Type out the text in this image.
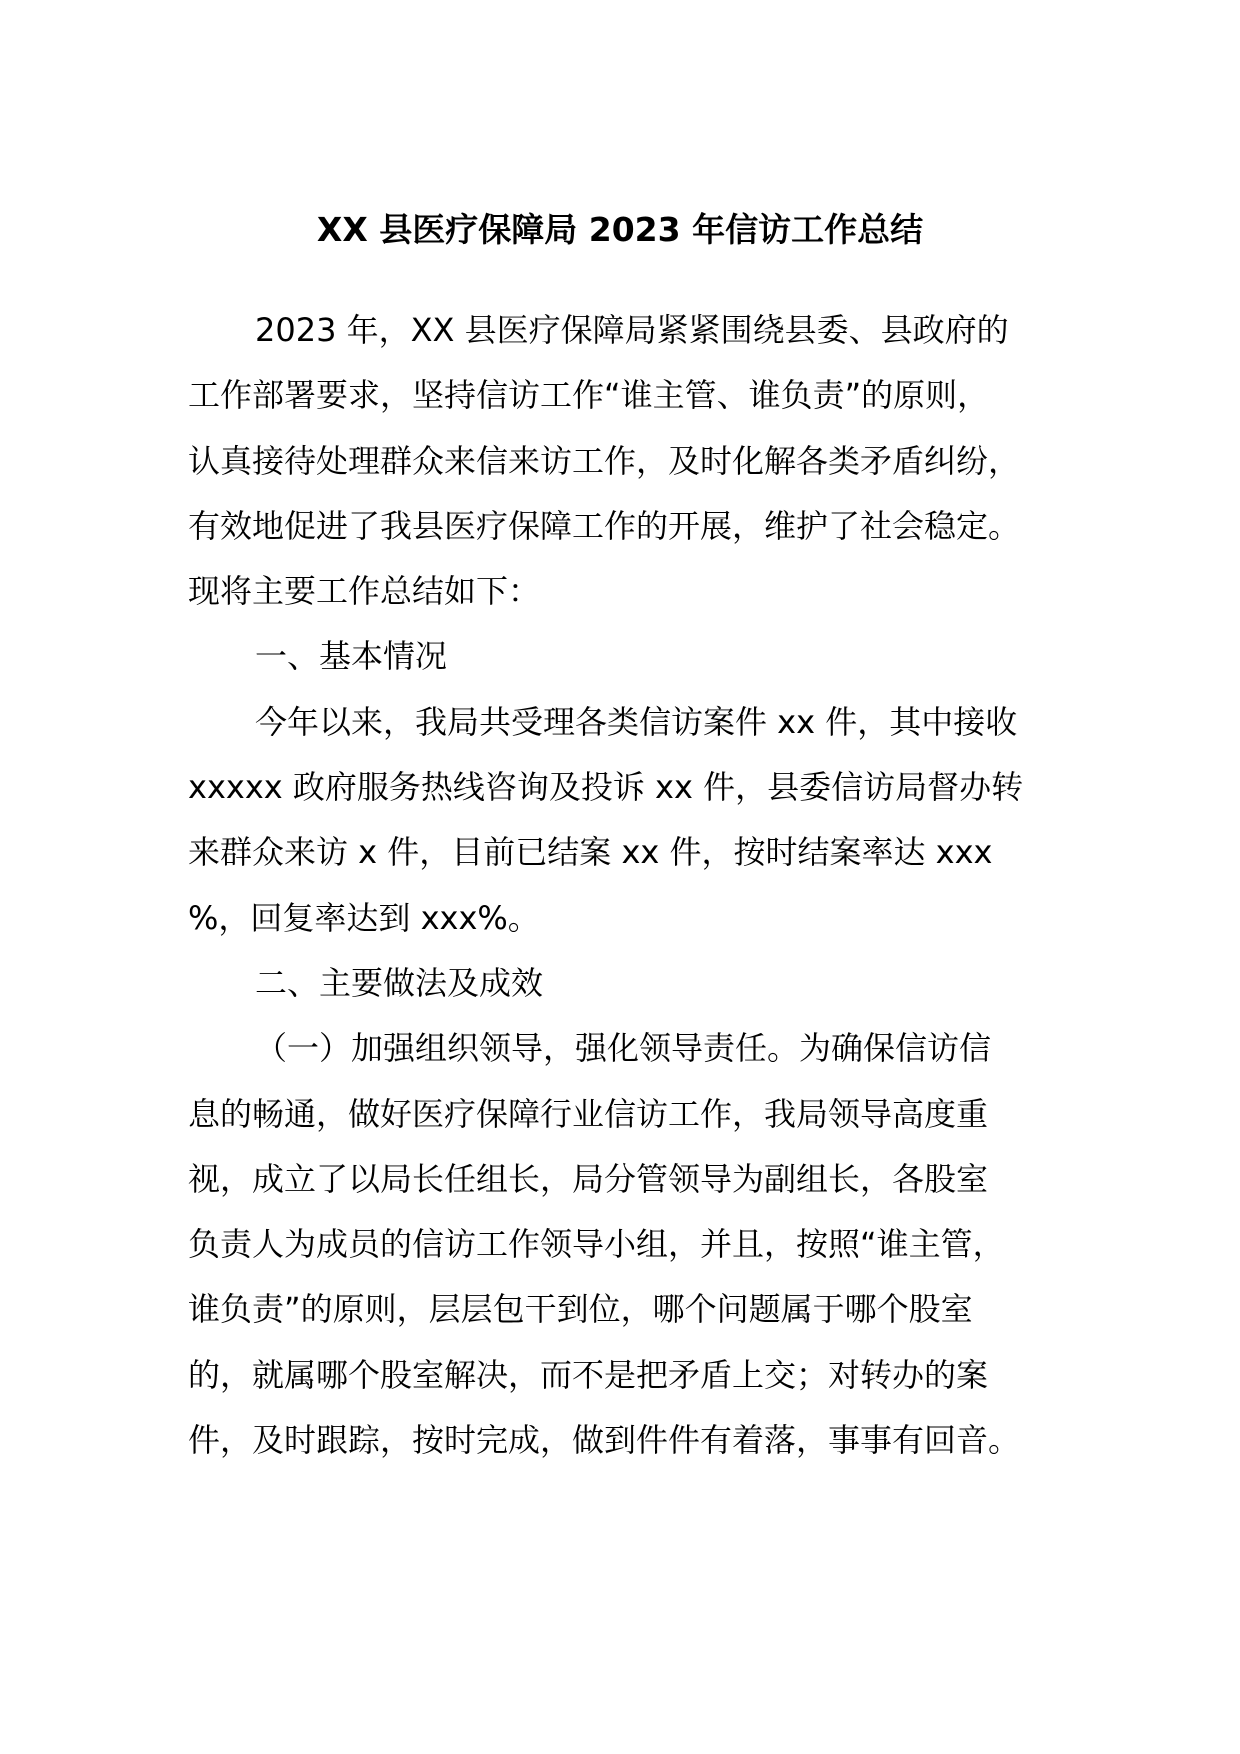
XX 县医疗保障局 2023 年信访工作总结
2023 年，XX 县医疗保障局紧紧围绕县委、县政府的
工作部署要求，坚持信访工作“谁主管、谁负责”的原则，
认真接待处理群众来信来访工作，及时化解各类矛盾纠纷，
有效地促进了我县医疗保障工作的开展，维护了社会稳定。
现将主要工作总结如下：
一、基本情况
今年以来，我局共受理各类信访案件 xx 件，其中接收
xxxxx 政府服务热线咨询及投诉 xx 件，县委信访局督办转
来群众来访 x 件，目前已结案 xx 件，按时结案率达 xxx
%，回复率达到 xxx%。
二、主要做法及成效
（一）加强组织领导，强化领导责任。为确保信访信
息的畅通，做好医疗保障行业信访工作，我局领导高度重
视，成立了以局长任组长，局分管领导为副组长，各股室
负责人为成员的信访工作领导小组，并且，按照“谁主管，
谁负责”的原则，层层包干到位，哪个问题属于哪个股室
的，就属哪个股室解决，而不是把矛盾上交；对转办的案
件，及时跟踪，按时完成，做到件件有着落，事事有回音。
